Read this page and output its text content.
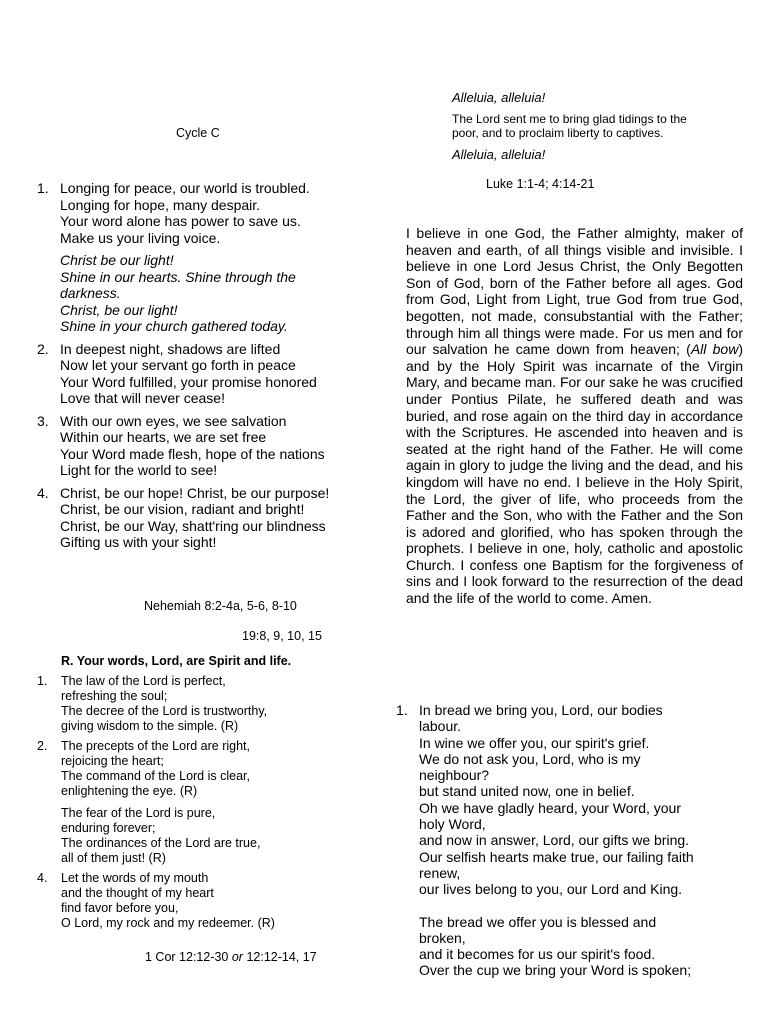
Cycle C
1. Longing for peace, our world is troubled.
Longing for hope, many despair.
Your word alone has power to save us.
Make us your living voice.
Christ be our light!
Shine in our hearts. Shine through the
darkness.
Christ, be our light!
Shine in your church gathered today.
2. In deepest night, shadows are lifted
Now let your servant go forth in peace
Your Word fulfilled, your promise honored
Love that will never cease!
3. With our own eyes, we see salvation
Within our hearts, we are set free
Your Word made flesh, hope of the nations
Light for the world to see!
4. Christ, be our hope! Christ, be our purpose!
Christ, be our vision, radiant and bright!
Christ, be our Way, shatt'ring our blindness
Gifting us with your sight!
Nehemiah 8:2-4a, 5-6, 8-10
19:8, 9, 10, 15
R. Your words, Lord, are Spirit and life.
1. The law of the Lord is perfect,
refreshing the soul;
The decree of the Lord is trustworthy,
giving wisdom to the simple. (R)
2. The precepts of the Lord are right,
rejoicing the heart;
The command of the Lord is clear,
enlightening the eye. (R)
The fear of the Lord is pure,
enduring forever;
The ordinances of the Lord are true,
all of them just! (R)
4. Let the words of my mouth
and the thought of my heart
find favor before you,
O Lord, my rock and my redeemer. (R)
1 Cor 12:12-30 or 12:12-14, 17
Alleluia, alleluia!
The Lord sent me to bring glad tidings to the
poor, and to proclaim liberty to captives.
Alleluia, alleluia!
Luke 1:1-4; 4:14-21
I believe in one God, the Father almighty, maker of heaven and earth, of all things visible and invisible. I believe in one Lord Jesus Christ, the Only Begotten Son of God, born of the Father before all ages. God from God, Light from Light, true God from true God, begotten, not made, consubstantial with the Father; through him all things were made. For us men and for our salvation he came down from heaven; (All bow) and by the Holy Spirit was incarnate of the Virgin Mary, and became man. For our sake he was crucified under Pontius Pilate, he suffered death and was buried, and rose again on the third day in accordance with the Scriptures. He ascended into heaven and is seated at the right hand of the Father. He will come again in glory to judge the living and the dead, and his kingdom will have no end. I believe in the Holy Spirit, the Lord, the giver of life, who proceeds from the Father and the Son, who with the Father and the Son is adored and glorified, who has spoken through the prophets. I believe in one, holy, catholic and apostolic Church. I confess one Baptism for the forgiveness of sins and I look forward to the resurrection of the dead and the life of the world to come. Amen.
1. In bread we bring you, Lord, our bodies
labour.
In wine we offer you, our spirit's grief.
We do not ask you, Lord, who is my
neighbour?
but stand united now, one in belief.
Oh we have gladly heard, your Word, your
holy Word,
and now in answer, Lord, our gifts we bring.
Our selfish hearts make true, our failing faith
renew,
our lives belong to you, our Lord and King.
The bread we offer you is blessed and
broken,
and it becomes for us our spirit's food.
Over the cup we bring your Word is spoken;
